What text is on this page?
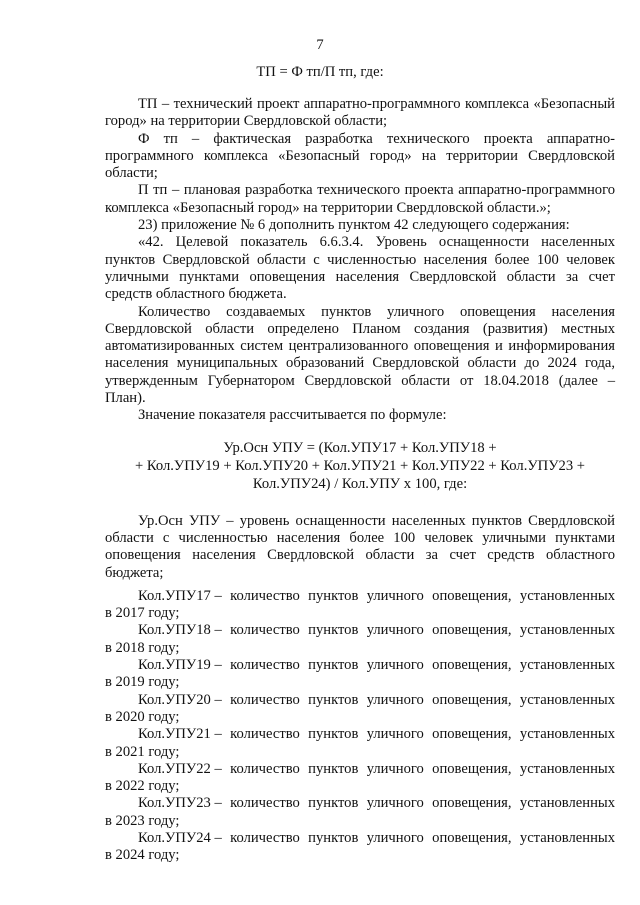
7
ТП = Ф тп/П тп, где:

ТП – технический проект аппаратно-программного комплекса «Безопасный город» на территории Свердловской области;

Ф тп – фактическая разработка технического проекта аппаратно-программного комплекса «Безопасный город» на территории Свердловской области;

П тп – плановая разработка технического проекта аппаратно-программного комплекса «Безопасный город» на территории Свердловской области.»;

23) приложение № 6 дополнить пунктом 42 следующего содержания:

«42. Целевой показатель 6.6.3.4. Уровень оснащенности населенных пунктов Свердловской области с численностью населения более 100 человек уличными пунктами оповещения населения Свердловской области за счет средств областного бюджета.

Количество создаваемых пунктов уличного оповещения населения Свердловской области определено Планом создания (развития) местных автоматизированных систем централизованного оповещения и информирования населения муниципальных образований Свердловской области до 2024 года, утвержденным Губернатором Свердловской области от 18.04.2018 (далее – План).

Значение показателя рассчитывается по формуле:

Ур.Осн УПУ = (Кол.УПУ17 + Кол.УПУ18 +
+ Кол.УПУ19 + Кол.УПУ20 + Кол.УПУ21 + Кол.УПУ22 + Кол.УПУ23 +
Кол.УПУ24) / Кол.УПУ х 100, где:

Ур.Осн УПУ – уровень оснащенности населенных пунктов Свердловской области с численностью населения более 100 человек уличными пунктами оповещения населения Свердловской области за счет средств областного бюджета;

Кол.УПУ17 – количество пунктов уличного оповещения, установленных
в 2017 году;
Кол.УПУ18 – количество пунктов уличного оповещения, установленных
в 2018 году;
Кол.УПУ19 – количество пунктов уличного оповещения, установленных
в 2019 году;
Кол.УПУ20 – количество пунктов уличного оповещения, установленных
в 2020 году;
Кол.УПУ21 – количество пунктов уличного оповещения, установленных
в 2021 году;
Кол.УПУ22 – количество пунктов уличного оповещения, установленных
в 2022 году;
Кол.УПУ23 – количество пунктов уличного оповещения, установленных
в 2023 году;
Кол.УПУ24 – количество пунктов уличного оповещения, установленных
в 2024 году;
